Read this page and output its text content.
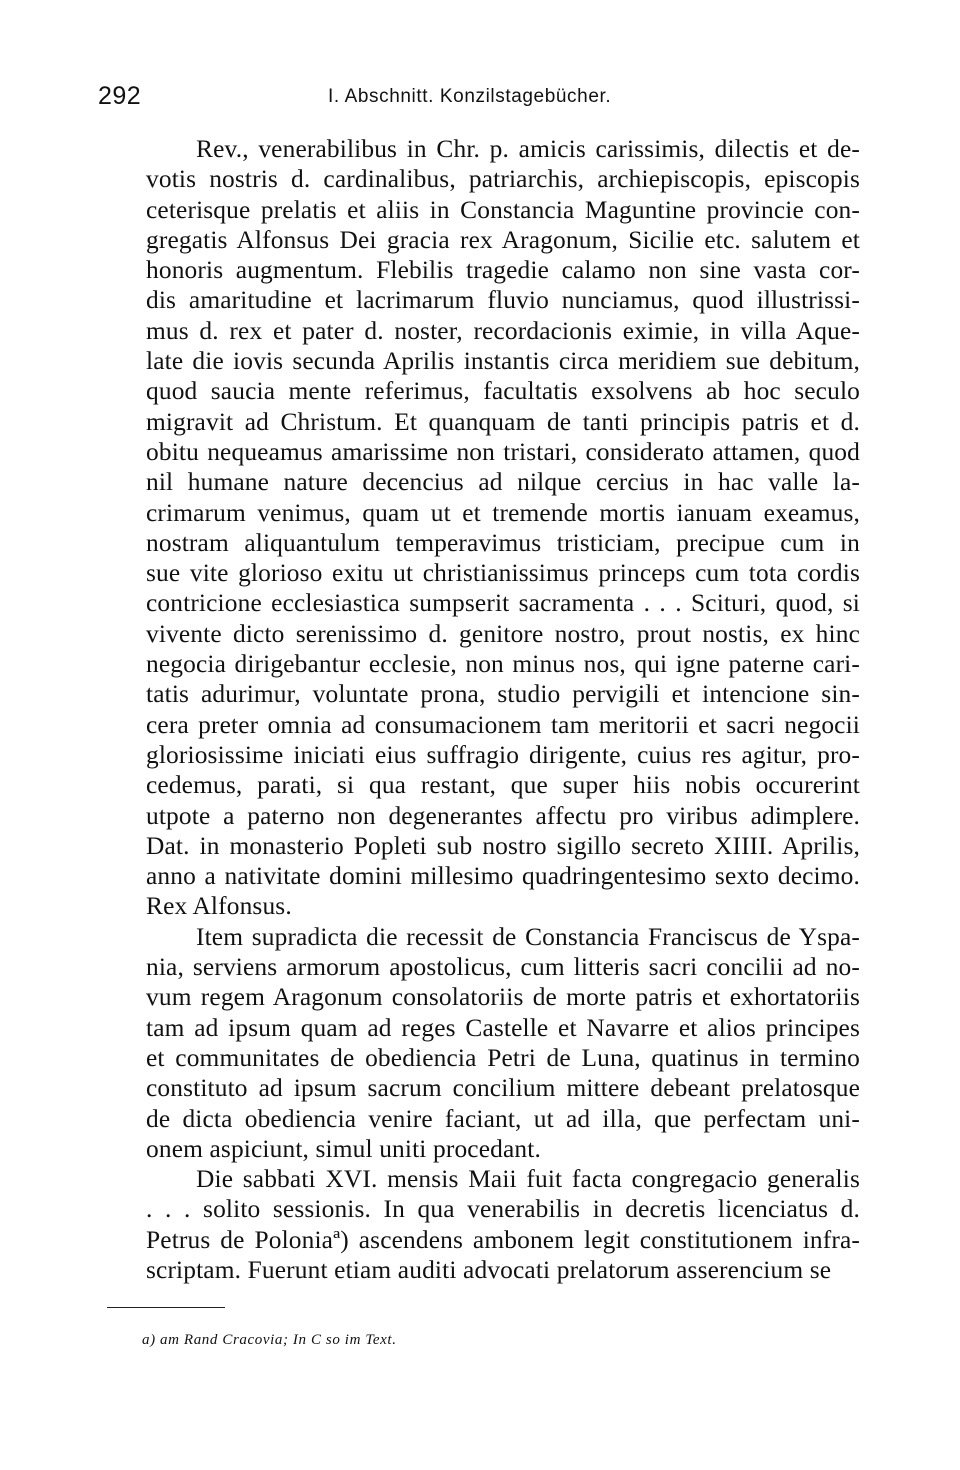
292	I. Abschnitt. Konzilstagebücher.
Rev., venerabilibus in Chr. p. amicis carissimis, dilectis et de-
votis nostris d. cardinalibus, patriarchis, archiepiscopis, episcopis
ceterisque prelatis et aliis in Constancia Maguntine provincie con-
gregatis Alfonsus Dei gracia rex Aragonum, Sicilie etc. salutem et
honoris augmentum. Flebilis tragedie calamo non sine vasta cor-
dis amaritudine et lacrimarum fluvio nunciamus, quod illustrissi-
mus d. rex et pater d. noster, recordacionis eximie, in villa Aque-
late die iovis secunda Aprilis instantis circa meridiem sue debitum,
quod saucia mente referimus, facultatis exsolvens ab hoc seculo
migravit ad Christum. Et quanquam de tanti principis patris et d.
obitu nequeamus amarissime non tristari, considerato attamen, quod
nil humane nature decencius ad nilque cercius in hac valle la-
crimarum venimus, quam ut et tremende mortis ianuam exeamus,
nostram aliquantulum temperavimus tristiciam, precipue cum in
sue vite glorioso exitu ut christianissimus princeps cum tota cordis
contricione ecclesiastica sumpserit sacramenta . . . Sciturі, quod, si
vivente dicto serenissimo d. genitore nostro, prout nostis, ex hinc
negocia dirigebantur ecclesie, non minus nos, qui igne paterne cari-
tatis adurimur, voluntate prona, studio pervigili et intencione sin-
cera preter omnia ad consumacionem tam meritorii et sacri negocii
gloriosissime iniciati eius suffragio dirigente, cuius res agitur, pro-
cedemus, parati, si qua restant, que super hiis nobis occurerint
utpote a paterno non degenerantes affectu pro viribus adimplere.
Dat. in monasterio Popleti sub nostro sigillo secreto XIIII. Aprilis,
anno a nativitate domini millesimo quadringentesimo sexto decimo.
Rex Alfonsus.
Item supradicta die recessit de Constancia Franciscus de Yspa-
nia, serviens armorum apostolicus, cum litteris sacri concilii ad no-
vum regem Aragonum consolatoriis de morte patris et exhortatoriis
tam ad ipsum quam ad reges Castelle et Navarre et alios principes
et communitates de obediencia Petri de Luna, quatinus in termino
constituto ad ipsum sacrum concilium mittere debeant prelatosque
de dicta obediencia venire faciant, ut ad illa, que perfectam uni-
onem aspiciunt, simul uniti procedant.
Die sabbati XVI. mensis Maii fuit facta congregacio generalis
. . . solito sessionis. In qua venerabilis in decretis licenciatus d.
Petrus de Poloniaª) ascendens ambonem legit constitutionem infra-
scriptam. Fuerunt etiam auditi advocati prelatorum asserencium se
a) am Rand Cracovia; In C so im Text.
